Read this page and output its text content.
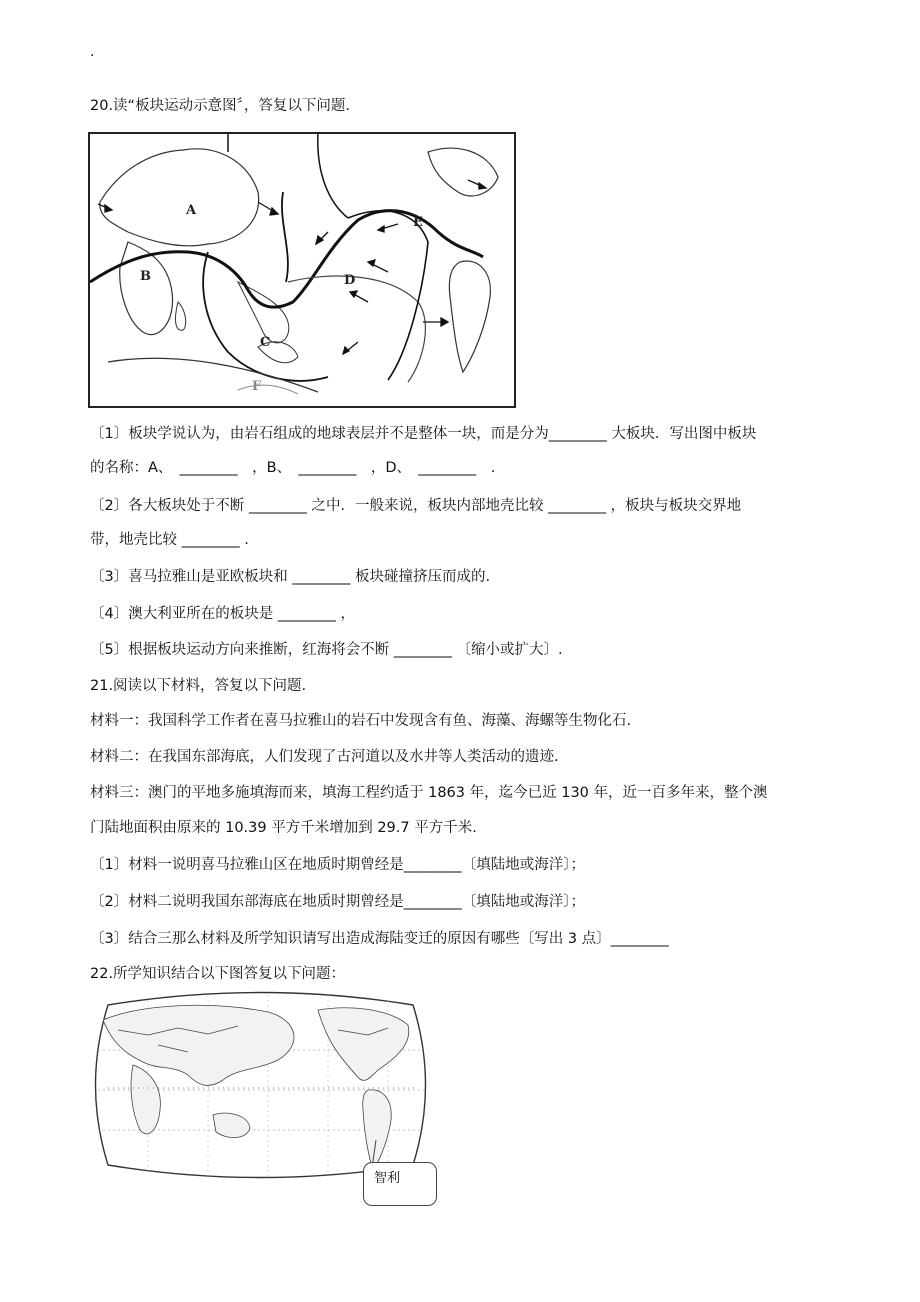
.
20.读“板块运动示意图〞，答复以下问题.
A
B
C
D
E
F
〔1〕板块学说认为，由岩石组成的地球表层并不是整体一块，而是分为________ 大板块．写出图中板块
的名称：A、　________　，B、　________　，D、　________　.
〔2〕各大板块处于不断 ________ 之中．一般来说，板块内部地壳比较 ________ ，板块与板块交界地
带，地壳比较 ________ .
〔3〕喜马拉雅山是亚欧板块和 ________ 板块碰撞挤压而成的.
〔4〕澳大利亚所在的板块是 ________ ，
〔5〕根据板块运动方向来推断，红海将会不断 ________ 〔缩小或扩大〕.
21.阅读以下材料，答复以下问题.
材料一：我国科学工作者在喜马拉雅山的岩石中发现含有鱼、海藻、海螺等生物化石.
材料二：在我国东部海底，人们发现了古河道以及水井等人类活动的遗迹.
材料三：澳门的平地多施填海而来，填海工程约适于 1863 年，迄今已近 130 年，近一百多年来，整个澳
门陆地面积由原来的 10.39 平方千米增加到 29.7 平方千米.
〔1〕材料一说明喜马拉雅山区在地质时期曾经是________〔填陆地或海洋〕；
〔2〕材料二说明我国东部海底在地质时期曾经是________〔填陆地或海洋〕；
〔3〕结合三那么材料及所学知识请写出造成海陆变迁的原因有哪些〔写出 3 点〕________
22.所学知识结合以下图答复以下问题：
智利
